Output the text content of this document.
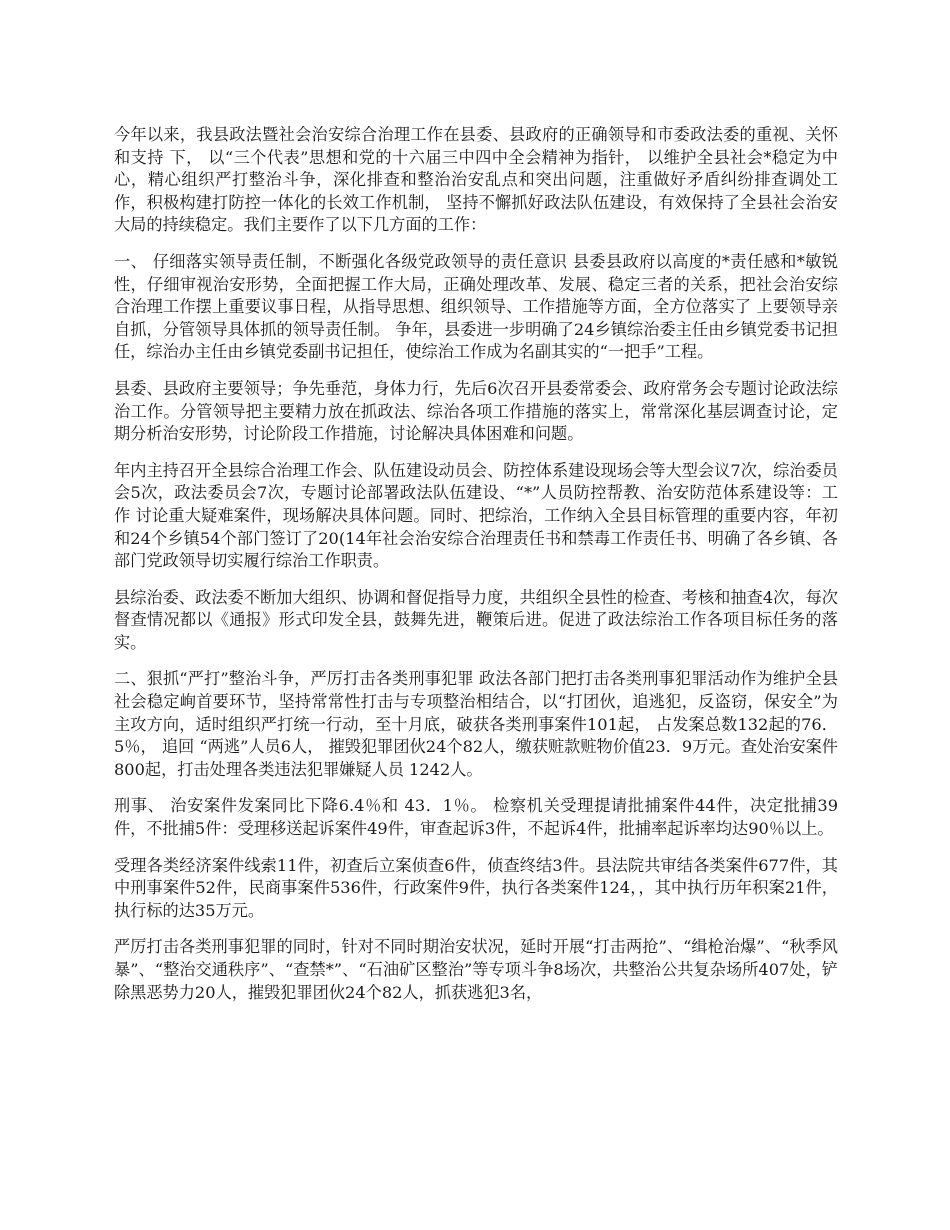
今年以来，我县政法暨社会治安综合治理工作在县委、县政府的正确领导和市委政法委的重视、关怀和支持 下， 以“三个代表”思想和党的十六届三中四中全会精神为指针， 以维护全县社会*稳定为中心，精心组织严打整治斗争，深化排查和整治治安乱点和突出问题，注重做好矛盾纠纷排查调处工作，积极构建打防控一体化的长效工作机制， 坚持不懈抓好政法队伍建设，有效保持了全县社会治安大局的持续稳定。我们主要作了以下几方面的工作：

一、 仔细落实领导责任制，不断强化各级党政领导的责任意识 县委县政府以高度的*责任感和*敏锐性，仔细审视治安形势，全面把握工作大局，正确处理改革、发展、稳定三者的关系，把社会治安综合治理工作摆上重要议事日程，从指导思想、组织领导、工作措施等方面，全方位落实了 上要领导亲自抓，分管领导具体抓的领导责任制。 争年，县委进一步明确了24乡镇综治委主任由乡镇党委书记担任，综治办主任由乡镇党委副书记担任，使综治工作成为名副其实的“一把手”工程。

县委、县政府主要领导；争先垂范，身体力行，先后6次召开县委常委会、政府常务会专题讨论政法综治工作。分管领导把主要精力放在抓政法、综治各项工作措施的落实上，常常深化基层调查讨论，定期分析治安形势，讨论阶段工作措施，讨论解决具体困难和问题。

年内主持召开全县综合治理工作会、队伍建设动员会、防控体系建设现场会等大型会议7次，综治委员会5次，政法委员会7次，专题讨论部署政法队伍建设、“*”人员防控帮教、治安防范体系建设等：工作 讨论重大疑难案件，现场解决具体问题。同时、把综治，工作纳入全县目标管理的重要内容，年初和24个乡镇54个部门签订了20(14年社会治安综合治理责任书和禁毒工作责任书、明确了各乡镇、各部门党政领导切实履行综治工作职责。

县综治委、政法委不断加大组织、协调和督促指导力度，共组织全县性的检查、考核和抽查4次，每次督查情况都以《通报》形式印发全县，鼓舞先进，鞭策后进。促进了政法综治工作各项目标任务的落实。

二、狠抓“严打”整治斗争，严厉打击各类刑事犯罪 政法各部门把打击各类刑事犯罪活动作为维护全县社会稳定峋首要环节，坚持常常性打击与专项整治相结合，以“打团伙，追逃犯，反盗窃，保安全”为主攻方向，适时组织严打统一行动，至十月底，破获各类刑事案件101起， 占发案总数132起的76．5％， 追回 “两逃”人员6人， 摧毁犯罪团伙24个82人，缴获赃款赃物价值23．9万元。查处治安案件800起，打击处理各类违法犯罪嫌疑人员 1242人。

刑事、 治安案件发案同比下降6.4％和 43．1％。 检察机关受理提请批捕案件44件，决定批捕39件，不批捕5件：受理移送起诉案件49件，审查起诉3件，不起诉4件，批捕率起诉率均达90％以上。

受理各类经济案件线索11件，初查后立案侦查6件，侦查终结3件。县法院共审结各类案件677件，其中刑事案件52件，民商事案件536件，行政案件9件，执行各类案件124，，其中执行历年积案21件，执行标的达35万元。

严厉打击各类刑事犯罪的同时，针对不同时期治安状况，延时开展“打击两抢”、“缉枪治爆”、“秋季风暴”、“整治交通秩序”、“查禁*”、“石油矿区整治”等专项斗争8场次，共整治公共复杂场所407处，铲除黑恶势力20人，摧毁犯罪团伙24个82人，抓获逃犯3名，
